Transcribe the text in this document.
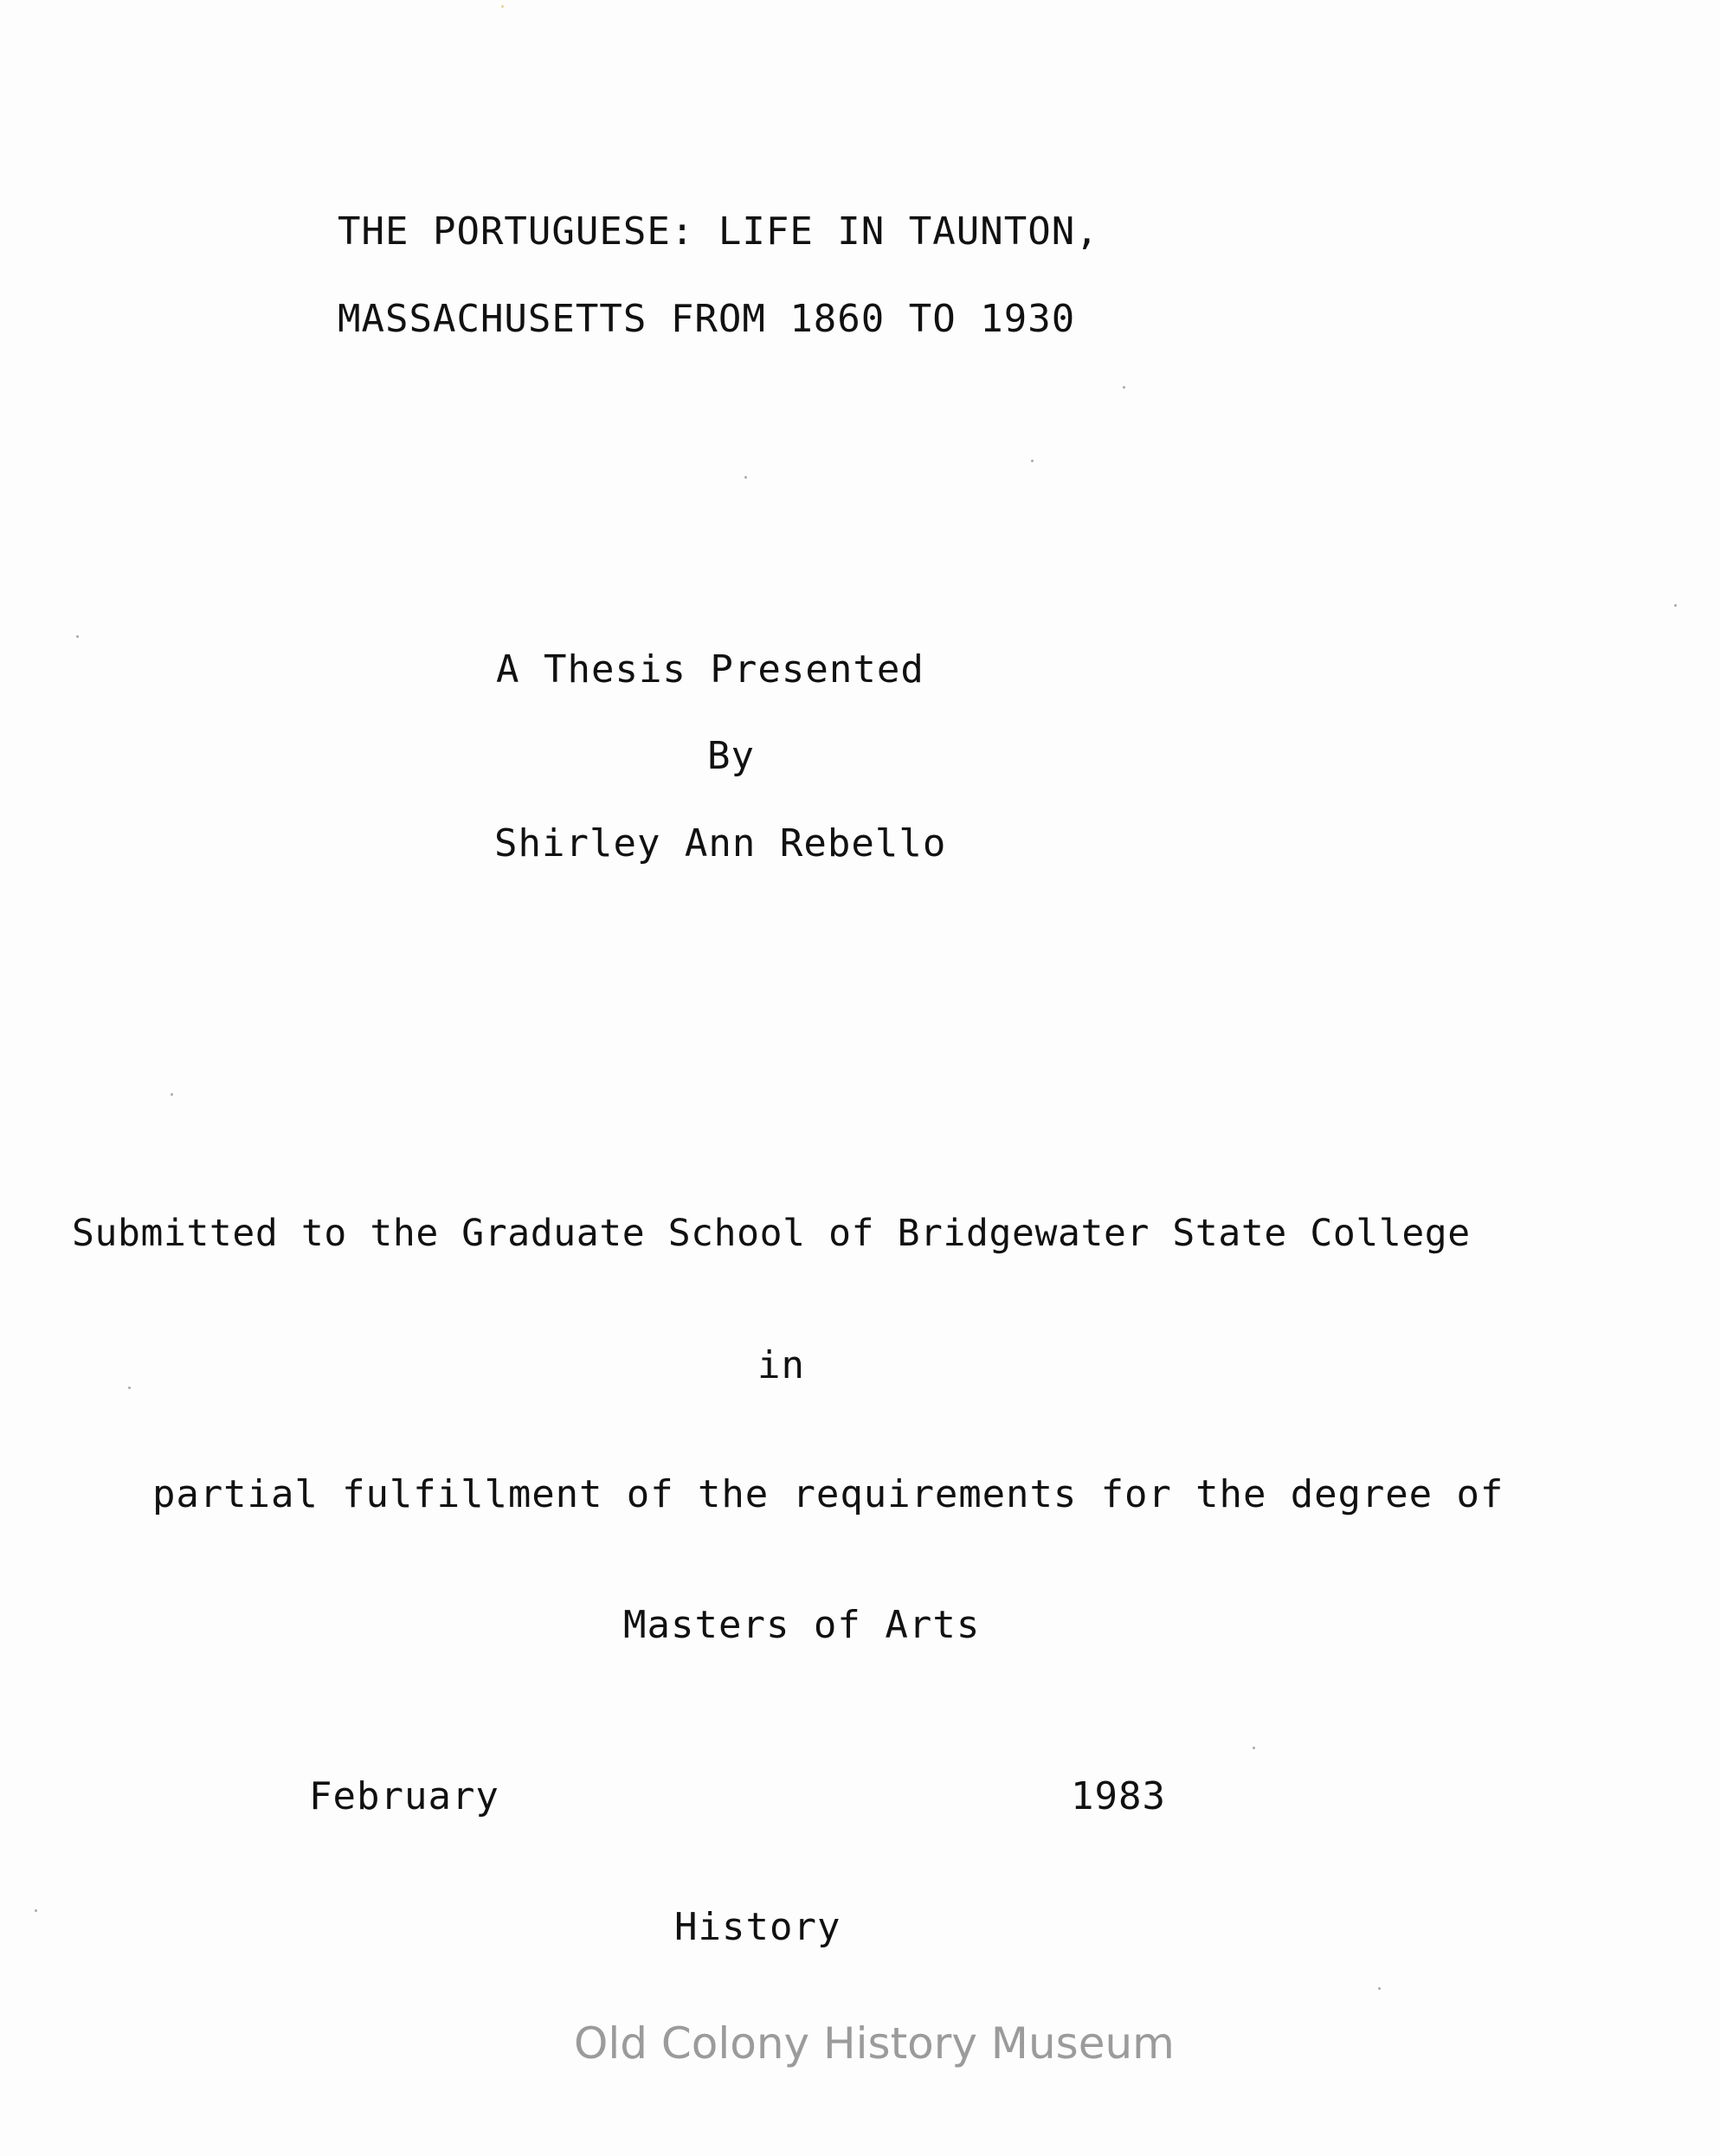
THE PORTUGUESE: LIFE IN TAUNTON,
MASSACHUSETTS FROM 1860 TO 1930
A Thesis Presented
By
Shirley Ann Rebello
Submitted to the Graduate School of Bridgewater State College
in
partial fulfillment of the requirements for the degree of
Masters of Arts
February	1983
History
Old Colony History Museum
